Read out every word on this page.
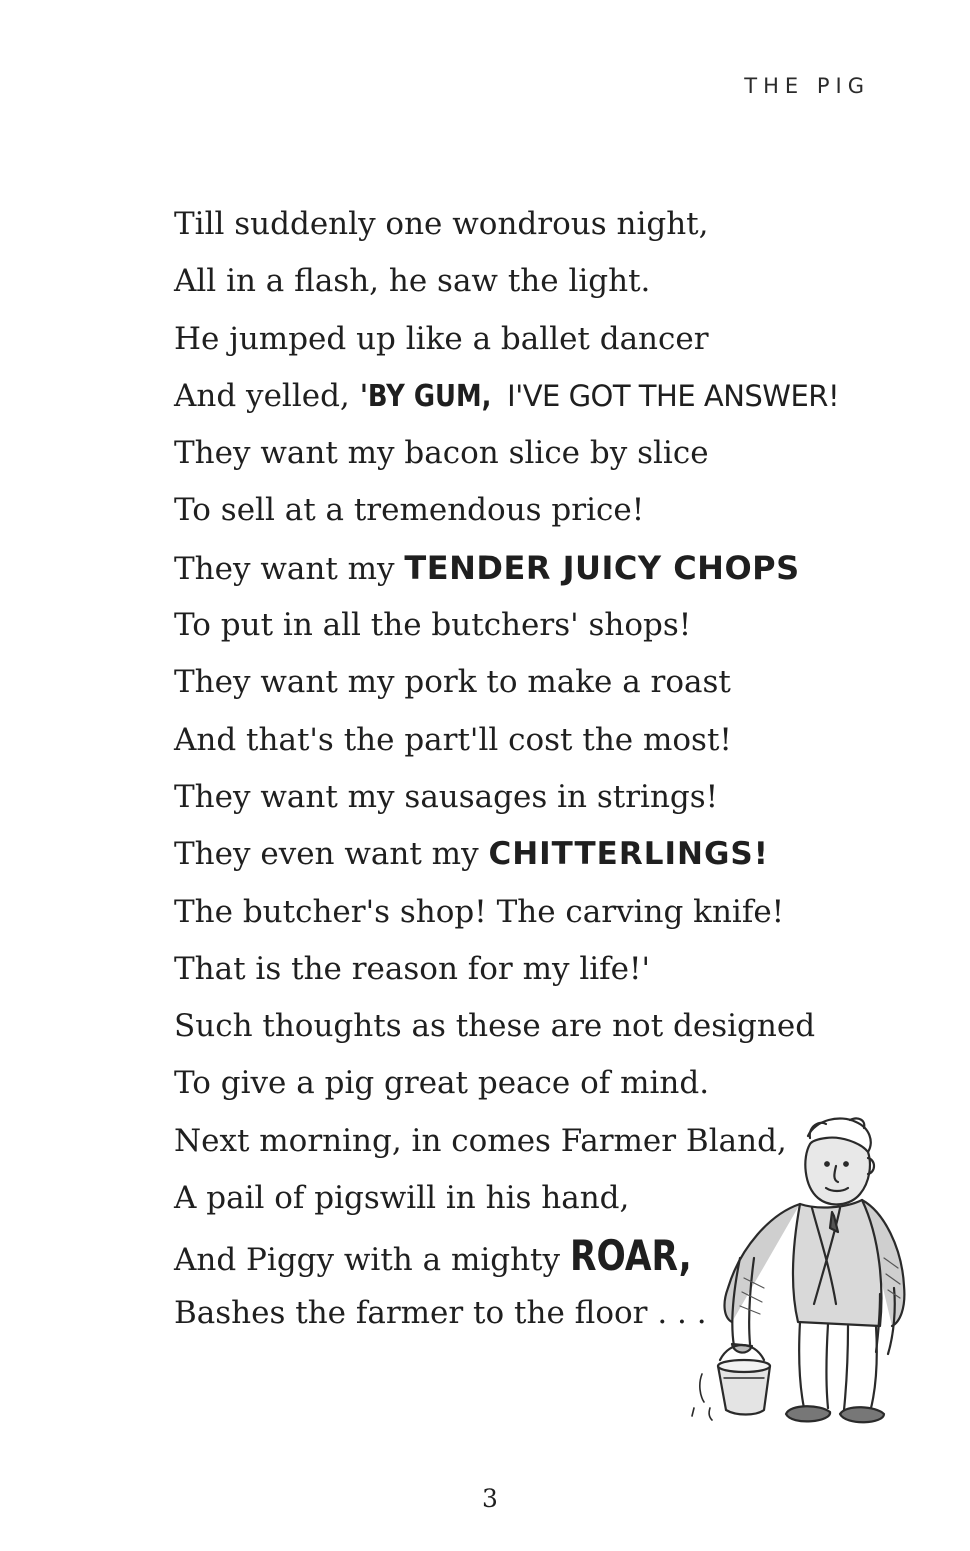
THE PIG

Till suddenly one wondrous night,
All in a flash, he saw the light.
He jumped up like a ballet dancer
And yelled, 'BY GUM, I'VE GOT THE ANSWER!
They want my bacon slice by slice
To sell at a tremendous price!
They want my TENDER JUICY CHOPS
To put in all the butchers' shops!
They want my pork to make a roast
And that's the part'll cost the most!
They want my sausages in strings!
They even want my CHITTERLINGS!
The butcher's shop! The carving knife!
That is the reason for my life!'
Such thoughts as these are not designed
To give a pig great peace of mind.
Next morning, in comes Farmer Bland,
A pail of pigswill in his hand,
And Piggy with a mighty ROAR,
Bashes the farmer to the floor . . .

3
